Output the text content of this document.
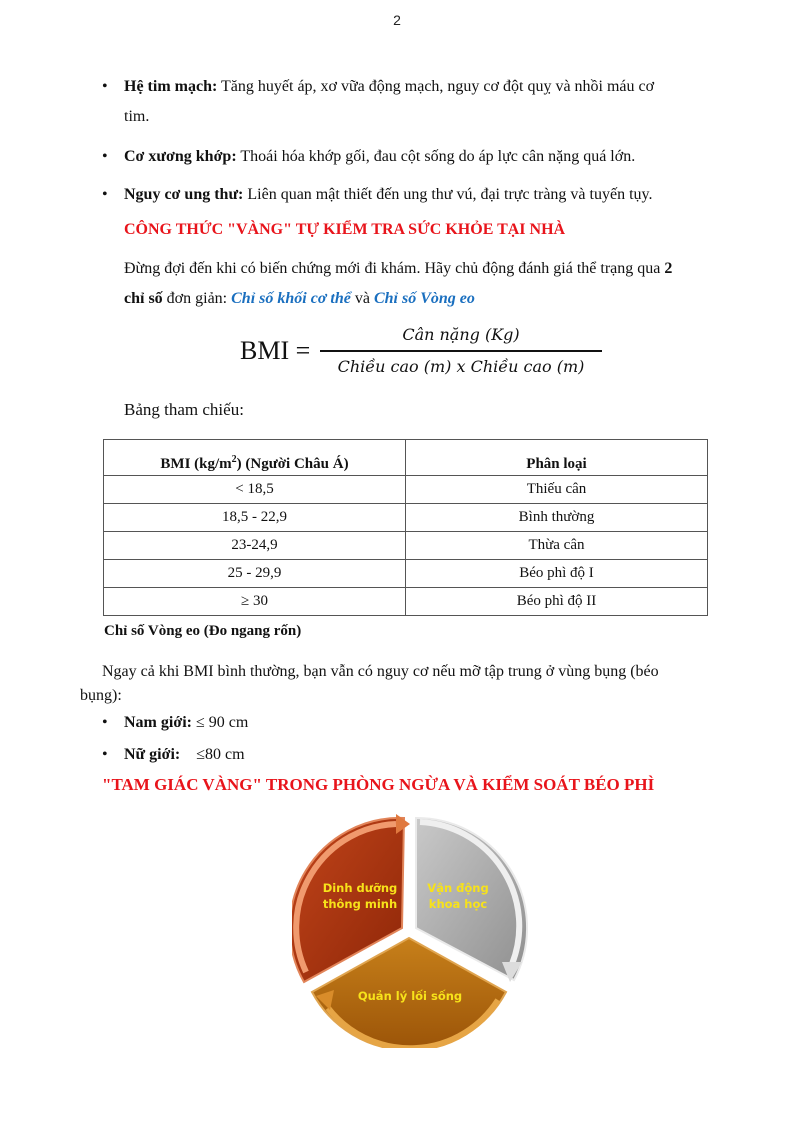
2
• Hệ tim mạch: Tăng huyết áp, xơ vữa động mạch, nguy cơ đột quỵ và nhồi máu cơ
tim.
• Cơ xương khớp: Thoái hóa khớp gối, đau cột sống do áp lực cân nặng quá lớn.
• Nguy cơ ung thư: Liên quan mật thiết đến ung thư vú, đại trực tràng và tuyến tụy.
CÔNG THỨC "VÀNG" TỰ KIỂM TRA SỨC KHỎE TẠI NHÀ
Đừng đợi đến khi có biến chứng mới đi khám. Hãy chủ động đánh giá thể trạng qua 2
chỉ số đơn giản: Chỉ số khối cơ thể và Chỉ số Vòng eo
BMI =
Cân nặng (Kg)
Chiều cao (m) x Chiều cao (m)
Bảng tham chiếu:
BMI $(kg/m^2)$ (Người Châu Á)	Phân loại
< 18,5	Thiếu cân
18,5 - 22,9	Bình thường
23-24,9	Thừa cân
25 - 29,9	Béo phì độ I
≥ 30	Béo phì độ II
Chỉ số Vòng eo (Đo ngang rốn)
Ngay cả khi BMI bình thường, bạn vẫn có nguy cơ nếu mỡ tập trung ở vùng bụng (béo
bụng):
• Nam giới: ≤ 90 cm
• Nữ giới:    ≤80 cm
"TAM GIÁC VÀNG" TRONG PHÒNG NGỪA VÀ KIỂM SOÁT BÉO PHÌ
Dinh dưỡng
thông minh
Vận động
khoa học
Quản lý lối sống
